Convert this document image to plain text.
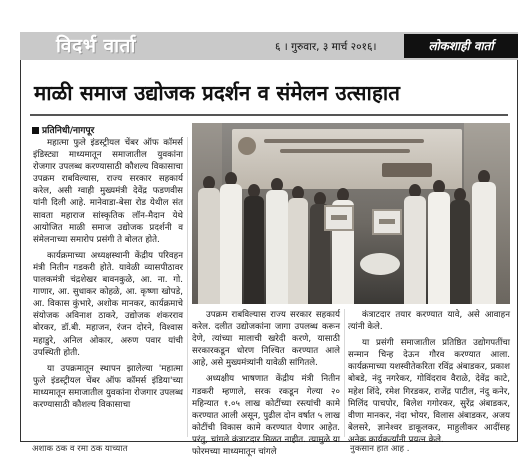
विदर्भ वार्ता	६ । गुरुवार, ३ मार्च २०१६।	लोकशाही वार्ता
माळी समाज उद्योजक प्रदर्शन व संमेलन उत्साहात
प्रतिनिधी/नागपूर

महात्मा फुले इंडस्ट्रीयल चेंबर ऑफ कॉमर्स इंडिस्ट्या माध्यमातून समाजातील युवकांना रोजगार उपलब्ध करण्यासाठी कौशल्य विकासाचा उपक्रम राबविल्यास, राज्य सरकार सहकार्य करेल, असी ग्वाही मुख्यमंत्री देवेंद्र फडणवीस यांनी दिली आहे. मानेवाडा-बेसा रोड येथील संत सावता महाराज सांस्कृतिक लॉन-मैदान येथे आयोजित माळी समाज उद्योजक प्रदर्शनी व संमेलनाच्या समारोप प्रसंगी ते बोलत होते.

कार्यक्रमाच्या अध्यक्षस्थानी केंद्रीय परिवहन मंत्री नितीन गडकरी होते. यावेळी व्यासपीठावर पालकमंत्री चंद्रशेखर बावनकुळे, आ. ना. गो. गाणार, आ. सुधाकर कोहळे, आ. कृष्णा खोपडे, आ. विकास कुंभारे, अशोक मानकर, कार्यक्रमाचे संयोजक अविनाश ठाकरे, उद्योजक शंकरराव बोरकर, डॉ.बी. महाजन, रंजन दोरने, विश्वास महाडुरे, अनिल ओकार, अरुण पवार यांची उपस्थिती होती.

या उपक्रमातून स्थापन झालेल्या 'महात्मा फुले इंडस्ट्रीयल चेंबर ऑफ कॉमर्स इंडिया'च्या माध्यमातून समाजातील युवकांना रोजगार उपलब्ध करण्यासाठी कौशल्य विकासाचा

उपक्रम राबविल्यास राज्य सरकार सहकार्य करेल. दलीत उद्योजकांना जागा उपलब्ध करून देणे, त्यांच्या मालाची खरेदी करणे, यासाठी सरकारकडून धोरण निश्चित करण्यात आले आहे, असे मुख्यमंत्र्यांनी यावेळी सांगितले.

अध्यक्षीय भाषणात केंद्रीय मंत्री नितीन गडकरी म्हणाले, सरक रकडून गेल्या २० महिन्यात १.०५ लाख कोटींच्या रस्त्यांची कामे करण्यात आली असून, पुढील दोन वर्षात ५ लाख कोटींची विकास कामे करण्यात येणार आहेत. परंतु, चांगले कंत्राटदार मिळत नाहीत. त्यामुळे या फोरमच्या माध्यमातून चांगले

कंत्राटदार तयार करण्यात यावे, असे आवाहन त्यांनी केले.

या प्रसंगी समाजातील प्रतिष्ठित उद्योगपतींचा सन्मान चिन्ह देऊन गौरव करण्यात आला. कार्यक्रमाच्या यशस्वीतेकरिता रविंद्र अंबाडकर, प्रकाश बोबडे, नंदु नगरेकर, गोविंदराव वैराळे, देवेंद्र काटे, महेश शिंदे, रमेश गिरडकर, राजेंद्र पाटील, नंदु कनेर, मिलिंद पाचपोर, बिलेश गगोरकर, सुरेंद्र अंबाडकर, वीणा मानकर, नंदा भोयर, विलास अंबाडकर, अजय बेलसरे, ज्ञानेश्वर डाकूलकर, माहुलीकर आदींसह अनेक कार्यकर्त्यांनी प्रयत्न केले.

अशाक ठक व रमा ठक याच्यात	नुकसान हात आह .
